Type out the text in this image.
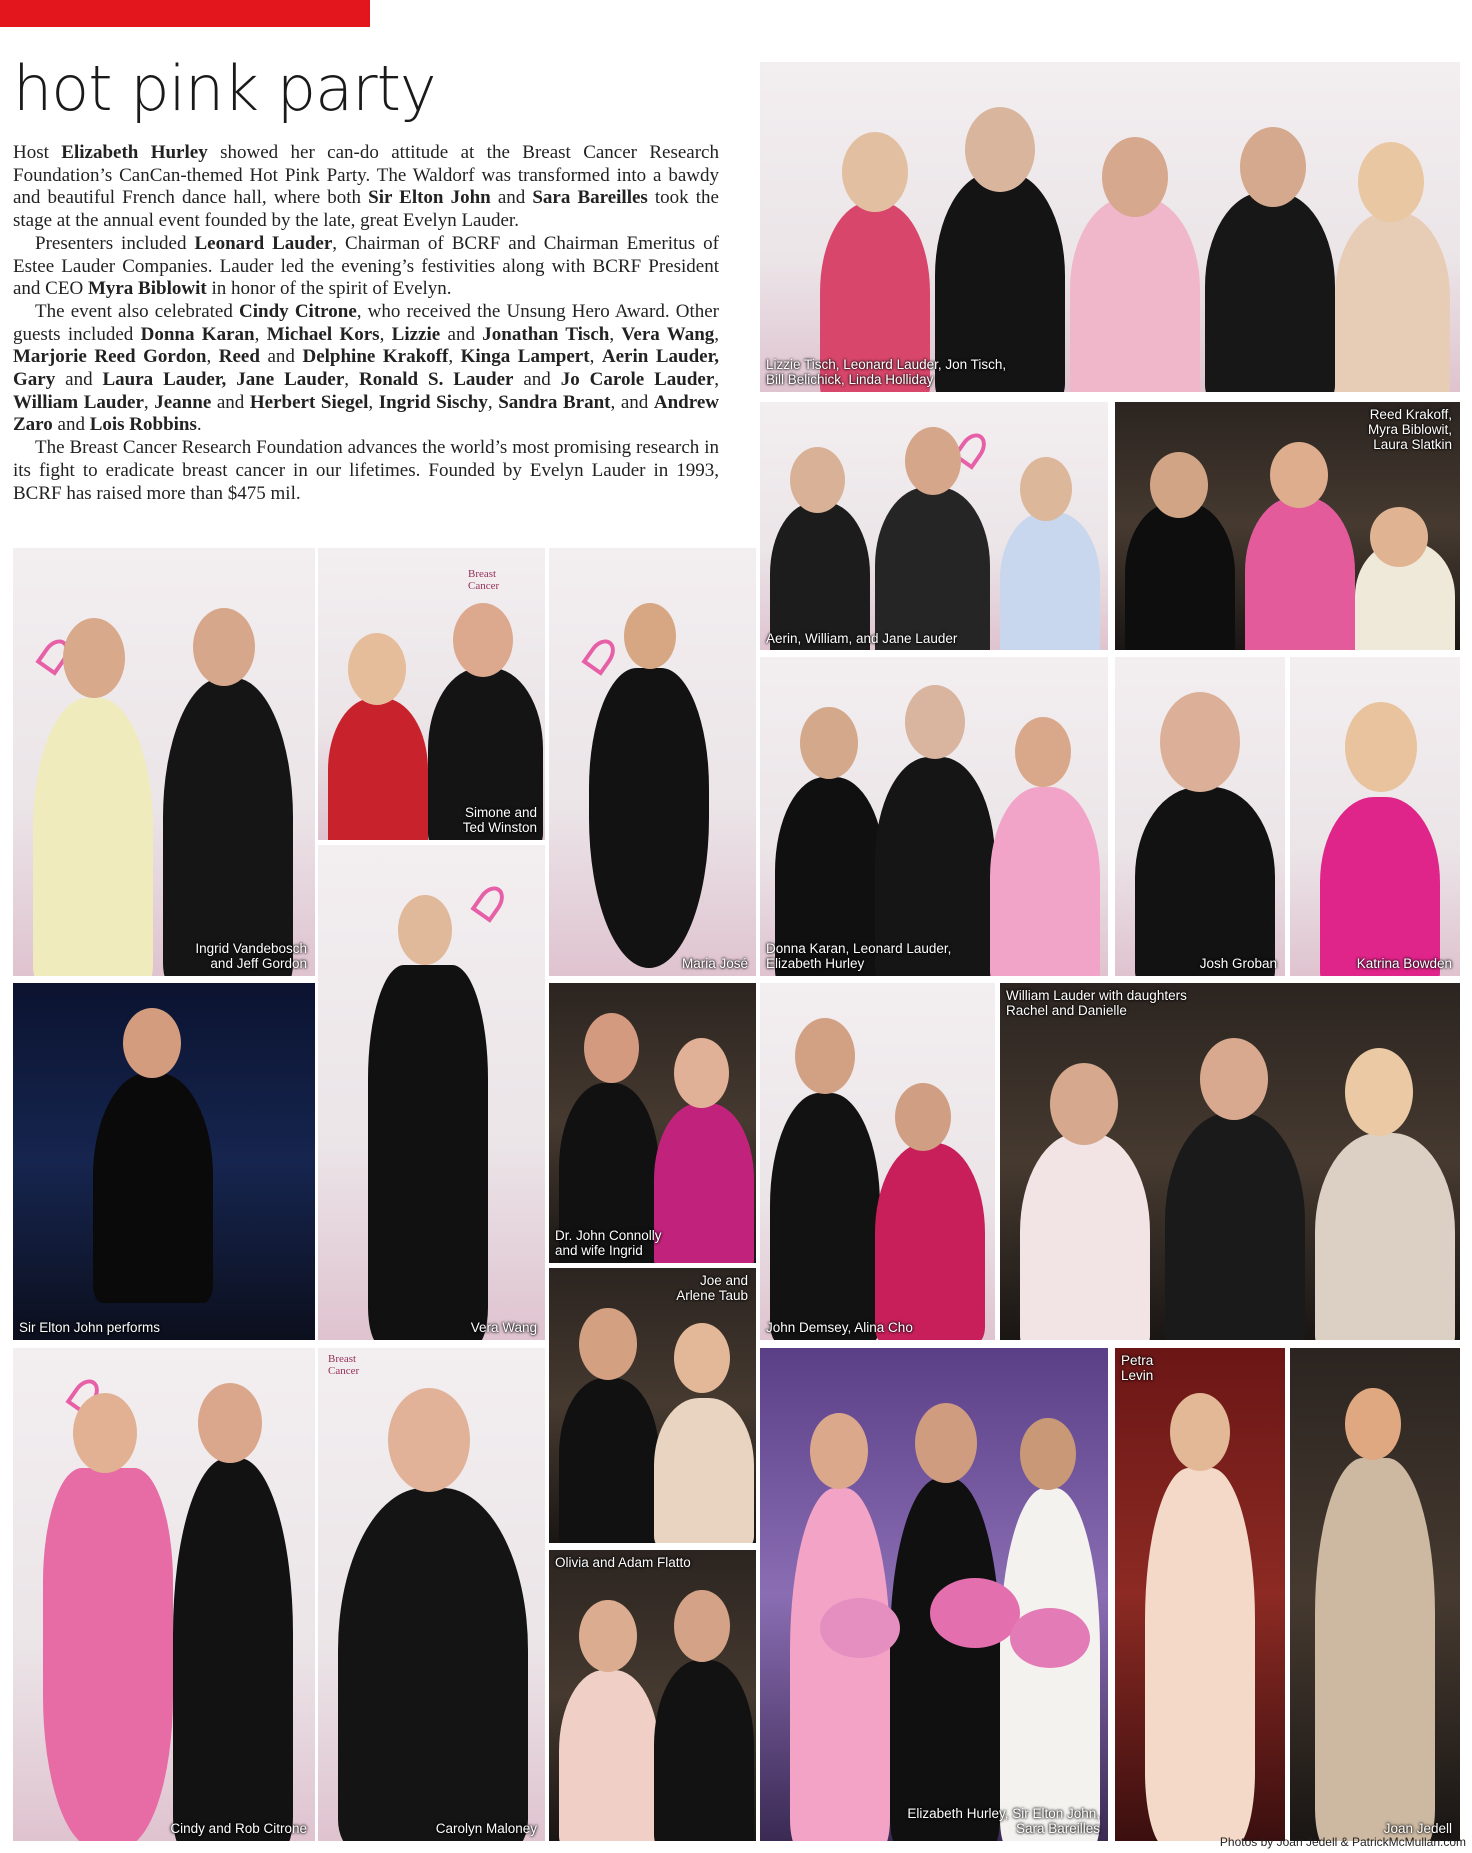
hot pink party

Host Elizabeth Hurley showed her can-do attitude at the Breast Cancer Research Foundation’s CanCan-themed Hot Pink Party. The Waldorf was transformed into a bawdy and beautiful French dance hall, where both Sir Elton John and Sara Bareilles took the stage at the annual event founded by the late, great Evelyn Lauder.

Presenters included Leonard Lauder, Chairman of BCRF and Chairman Emeritus of Estee Lauder Companies. Lauder led the evening’s festivities along with BCRF President and CEO Myra Biblowit in honor of the spirit of Evelyn.

The event also celebrated Cindy Citrone, who received the Unsung Hero Award. Other guests included Donna Karan, Michael Kors, Lizzie and Jonathan Tisch, Vera Wang, Marjorie Reed Gordon, Reed and Delphine Krakoff, Kinga Lampert, Aerin Lauder, Gary and Laura Lauder, Jane Lauder, Ronald S. Lauder and Jo Carole Lauder, William Lauder, Jeanne and Herbert Siegel, Ingrid Sischy, Sandra Brant, and Andrew Zaro and Lois Robbins.

The Breast Cancer Research Foundation advances the world’s most promising research in its fight to eradicate breast cancer in our lifetimes. Founded by Evelyn Lauder in 1993, BCRF has raised more than $475 mil.

Lizzie Tisch, Leonard Lauder, Jon Tisch,
Bill Belichick, Linda Holliday
Aerin, William, and Jane Lauder
Reed Krakoff,
Myra Biblowit,
Laura Slatkin
Ingrid Vandebosch
and Jeff Gordon
Breast
Cancer
Simone and
Ted Winston
Maria José
Donna Karan, Leonard Lauder,
Elizabeth Hurley	Josh Groban	Katrina Bowden
Vera Wang
Sir Elton John performs
Dr. John Connolly
and wife Ingrid
John Demsey, Alina Cho
William Lauder with daughters
Rachel and Danielle
Joe and
Arlene Taub
Cindy and Rob Citrone
Breast
Cancer
Carolyn Maloney
Olivia and Adam Flatto
Elizabeth Hurley, Sir Elton John,
Sara Bareilles
Petra
Levin
Joan Jedell
Photos by Joan Jedell & PatrickMcMullan.com
